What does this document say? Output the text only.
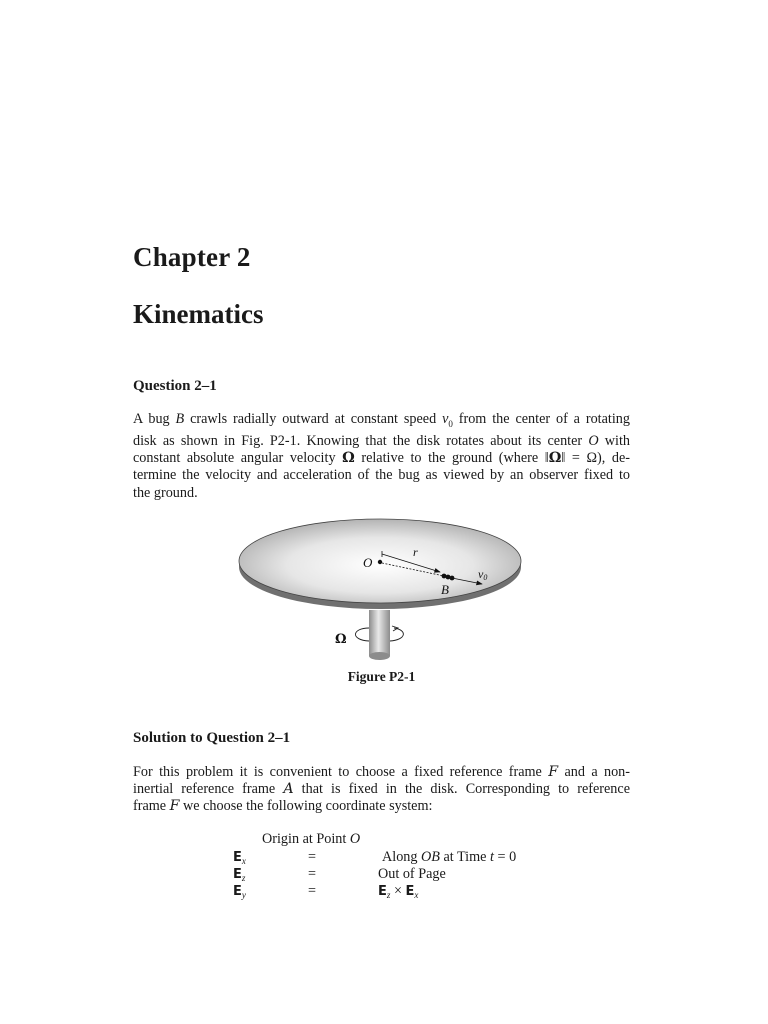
Chapter 2
Kinematics
Question 2–1
A bug B crawls radially outward at constant speed $v_0$ from the center of a rotating
disk as shown in Fig. P2-1. Knowing that the disk rotates about its center O with
constant absolute angular velocity Ω relative to the ground (where ‖Ω‖ = Ω), de-
termine the velocity and acceleration of the bug as viewed by an observer fixed to
the ground.
O
r
v0
B
Ω

Figure P2-1

Solution to Question 2–1
For this problem it is convenient to choose a fixed reference frame F and a non-
inertial reference frame A that is fixed in the disk. Corresponding to reference
frame F we choose the following coordinate system:
Origin at Point O
$E_x$	=	Along OB at Time t = 0
$E_z$	=	Out of Page
$E_y$	=	$E_z \times E_x$
